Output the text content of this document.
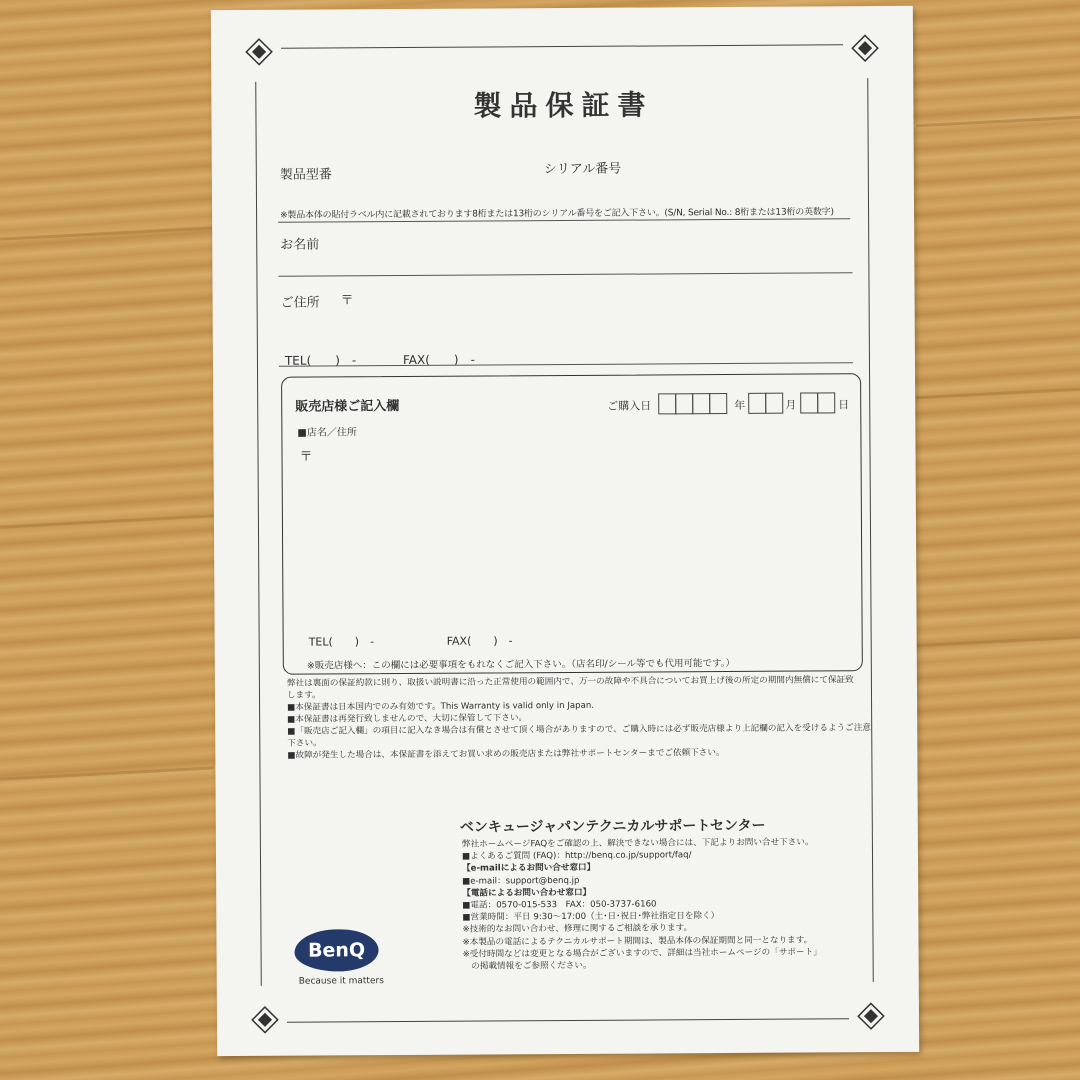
製品保証書
製品型番	シリアル番号
※製品本体の貼付ラベル内に記載されております8桁または13桁のシリアル番号をご記入下さい。(S/N, Serial No.: 8桁または13桁の英数字)
お名前
ご住所 〒
TEL(　　)　-	FAX(　　)　-
販売店様ご記入欄	ご購入日	年	月	日
■店名／住所
〒
TEL(　　)　-	FAX(　　)　-
※販売店様へ：この欄には必要事項をもれなくご記入下さい。（店名印/シール等でも代用可能です。）
弊社は裏面の保証約款に則り、取扱い説明書に沿った正常使用の範囲内で、万一の故障や不具合についてお買上げ後の所定の期間内無償にて保証致
します。
■本保証書は日本国内でのみ有効です。This Warranty is valid only in Japan.
■本保証書は再発行致しませんので、大切に保管して下さい。
■「販売店ご記入欄」の項目に記入なき場合は有償とさせて頂く場合がありますので、ご購入時には必ず販売店様より上記欄の記入を受けるようご注意
下さい。
■故障が発生した場合は、本保証書を添えてお買い求めの販売店または弊社サポートセンターまでご依頼下さい。
ベンキュージャパンテクニカルサポートセンター
弊社ホームページFAQをご確認の上、解決できない場合には、下記よりお問い合せ下さい。
■よくあるご質問 (FAQ)：http://benq.co.jp/support/faq/
【e-mailによるお問い合せ窓口】
■e-mail：support@benq.jp
【電話によるお問い合わせ窓口】
■電話：0570-015-533　FAX：050-3737-6160
■営業時間：平日 9:30～17:00（土･日･祝日･弊社指定日を除く）
※技術的なお問い合わせ、修理に関するご相談を承ります。
※本製品の電話によるテクニカルサポート期間は、製品本体の保証期間と同一となります。
※受付時間などは変更となる場合がございますので、詳細は当社ホームページの「サポート」
　の掲載情報をご参照ください。
BenQ
Because it matters
